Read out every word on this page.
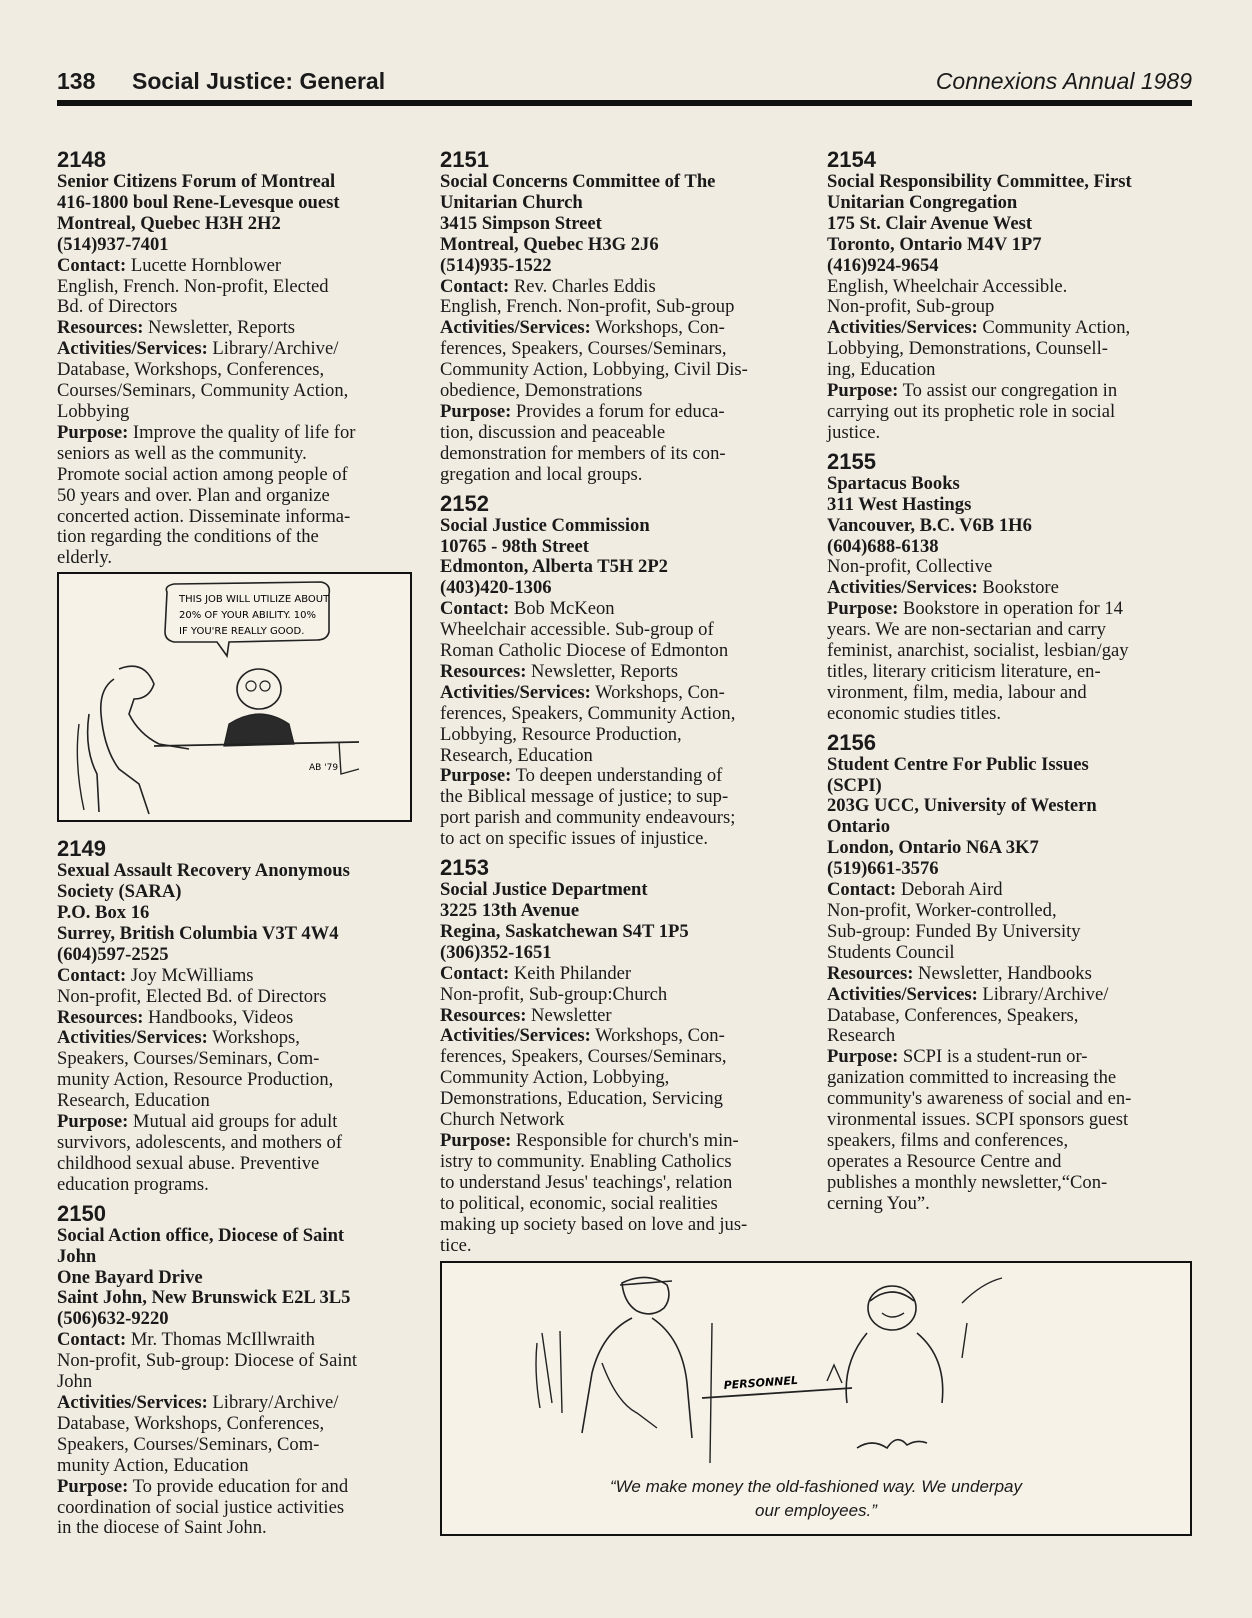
138 Social Justice: General	Connexions Annual 1989
2148
Senior Citizens Forum of Montreal
416-1800 boul Rene-Levesque ouest
Montreal, Quebec H3H 2H2
(514)937-7401
Contact: Lucette Hornblower
English, French. Non-profit, Elected
Bd. of Directors
Resources: Newsletter, Reports
Activities/Services: Library/Archive/
Database, Workshops, Conferences,
Courses/Seminars, Community Action,
Lobbying
Purpose: Improve the quality of life for
seniors as well as the community.
Promote social action among people of
50 years and over. Plan and organize
concerted action. Disseminate informa-
tion regarding the conditions of the
elderly.
2149
Sexual Assault Recovery Anonymous
Society (SARA)
P.O. Box 16
Surrey, British Columbia V3T 4W4
(604)597-2525
Contact: Joy McWilliams
Non-profit, Elected Bd. of Directors
Resources: Handbooks, Videos
Activities/Services: Workshops,
Speakers, Courses/Seminars, Com-
munity Action, Resource Production,
Research, Education
Purpose: Mutual aid groups for adult
survivors, adolescents, and mothers of
childhood sexual abuse. Preventive
education programs.
2150
Social Action office, Diocese of Saint
John
One Bayard Drive
Saint John, New Brunswick E2L 3L5
(506)632-9220
Contact: Mr. Thomas McIllwraith
Non-profit, Sub-group: Diocese of Saint
John
Activities/Services: Library/Archive/
Database, Workshops, Conferences,
Speakers, Courses/Seminars, Com-
munity Action, Education
Purpose: To provide education for and
coordination of social justice activities
in the diocese of Saint John.
THIS JOB WILL UTILIZE ABOUT
20% OF YOUR ABILITY. 10%
IF YOU'RE REALLY GOOD.
AB '79
2151
Social Concerns Committee of The
Unitarian Church
3415 Simpson Street
Montreal, Quebec H3G 2J6
(514)935-1522
Contact: Rev. Charles Eddis
English, French. Non-profit, Sub-group
Activities/Services: Workshops, Con-
ferences, Speakers, Courses/Seminars,
Community Action, Lobbying, Civil Dis-
obedience, Demonstrations
Purpose: Provides a forum for educa-
tion, discussion and peaceable
demonstration for members of its con-
gregation and local groups.
2152
Social Justice Commission
10765 - 98th Street
Edmonton, Alberta T5H 2P2
(403)420-1306
Contact: Bob McKeon
Wheelchair accessible. Sub-group of
Roman Catholic Diocese of Edmonton
Resources: Newsletter, Reports
Activities/Services: Workshops, Con-
ferences, Speakers, Community Action,
Lobbying, Resource Production,
Research, Education
Purpose: To deepen understanding of
the Biblical message of justice; to sup-
port parish and community endeavours;
to act on specific issues of injustice.
2153
Social Justice Department
3225 13th Avenue
Regina, Saskatchewan S4T 1P5
(306)352-1651
Contact: Keith Philander
Non-profit, Sub-group:Church
Resources: Newsletter
Activities/Services: Workshops, Con-
ferences, Speakers, Courses/Seminars,
Community Action, Lobbying,
Demonstrations, Education, Servicing
Church Network
Purpose: Responsible for church's min-
istry to community. Enabling Catholics
to understand Jesus' teachings', relation
to political, economic, social realities
making up society based on love and jus-
tice.
2154
Social Responsibility Committee, First
Unitarian Congregation
175 St. Clair Avenue West
Toronto, Ontario M4V 1P7
(416)924-9654
English, Wheelchair Accessible.
Non-profit, Sub-group
Activities/Services: Community Action,
Lobbying, Demonstrations, Counsell-
ing, Education
Purpose: To assist our congregation in
carrying out its prophetic role in social
justice.
2155
Spartacus Books
311 West Hastings
Vancouver, B.C. V6B 1H6
(604)688-6138
Non-profit, Collective
Activities/Services: Bookstore
Purpose: Bookstore in operation for 14
years. We are non-sectarian and carry
feminist, anarchist, socialist, lesbian/gay
titles, literary criticism literature, en-
vironment, film, media, labour and
economic studies titles.
2156
Student Centre For Public Issues
(SCPI)
203G UCC, University of Western
Ontario
London, Ontario N6A 3K7
(519)661-3576
Contact: Deborah Aird
Non-profit, Worker-controlled,
Sub-group: Funded By University
Students Council
Resources: Newsletter, Handbooks
Activities/Services: Library/Archive/
Database, Conferences, Speakers,
Research
Purpose: SCPI is a student-run or-
ganization committed to increasing the
community's awareness of social and en-
vironmental issues. SCPI sponsors guest
speakers, films and conferences,
operates a Resource Centre and
publishes a monthly newsletter,“Con-
cerning You”.
PERSONNEL
“We make money the old-fashioned way. We underpay
our employees.”
